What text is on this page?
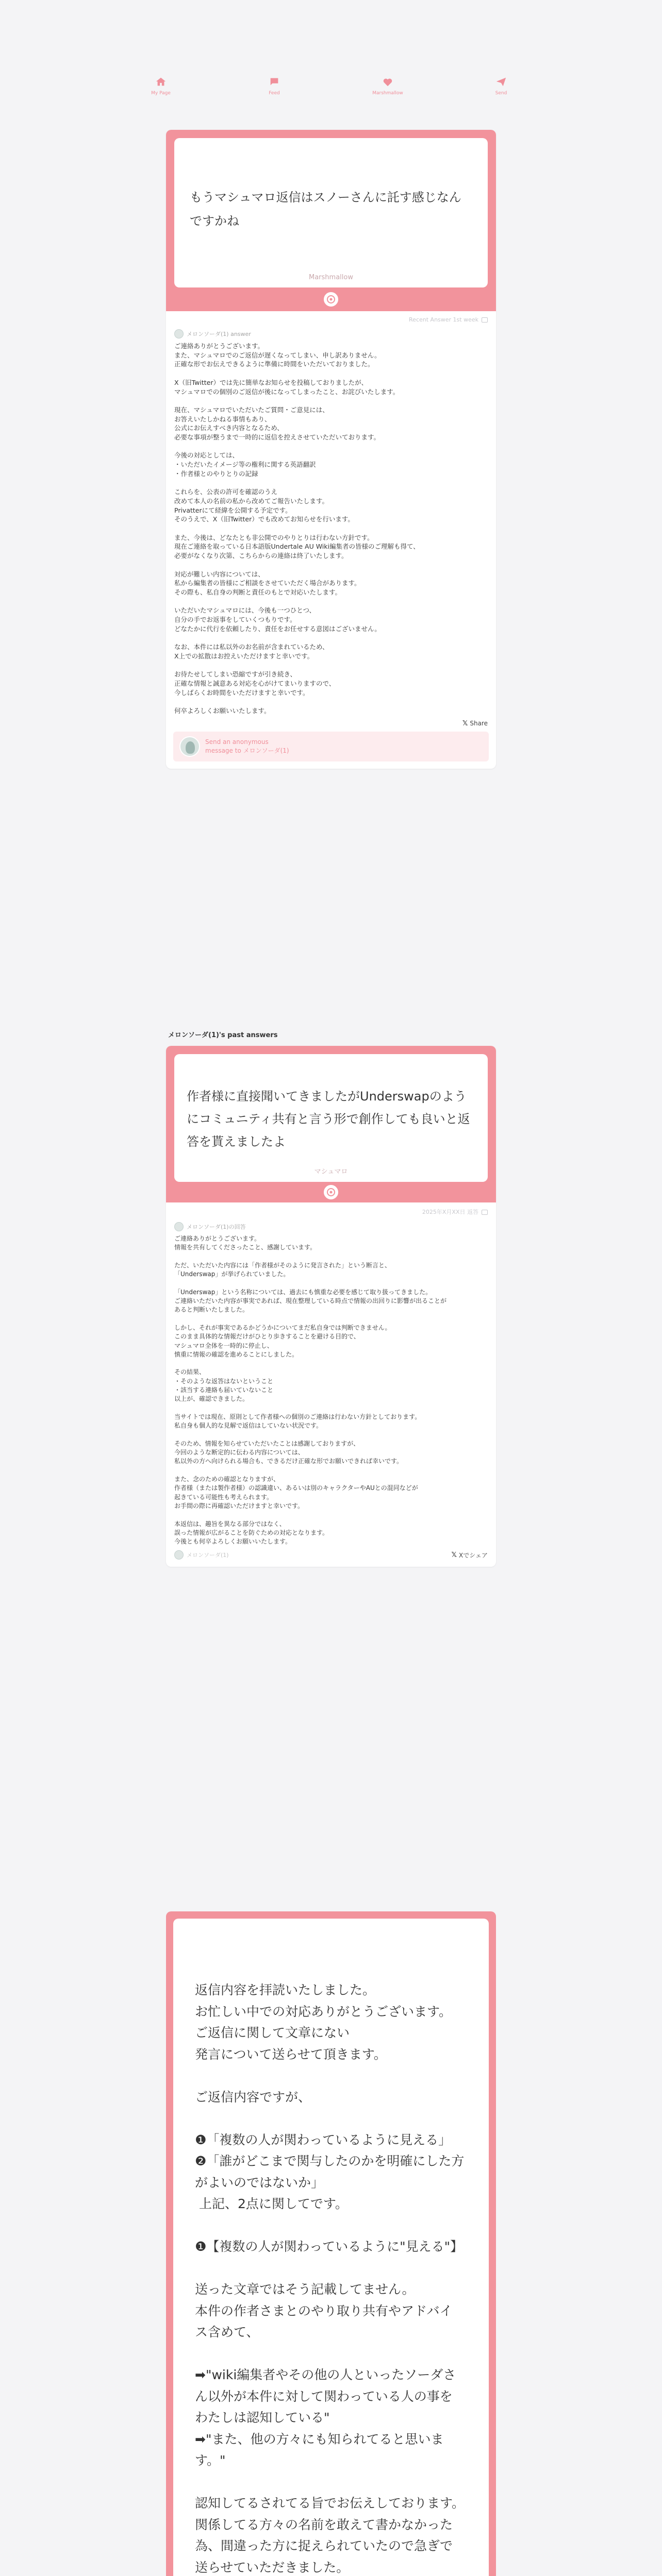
My Page	Feed	Marshmallow	Send
もうマシュマロ返信はスノーさんに託す感じなんですかね
Marshmallow
Recent Answer 1st week
メロンソーダ(1) answer
ご連絡ありがとうございます。
また、マシュマロでのご返信が遅くなってしまい、申し訳ありません。
正確な形でお伝えできるように準備に時間をいただいておりました。

X（旧Twitter）では先に簡単なお知らせを投稿しておりましたが、
マシュマロでの個別のご返信が後になってしまったこと、お詫びいたします。

現在、マシュマロでいただいたご質問・ご意見には、
お答えいたしかねる事情もあり、
公式にお伝えすべき内容となるため、
必要な事項が整うまで一時的に返信を控えさせていただいております。

今後の対応としては、
・いただいたイメージ等の権利に関する英語翻訳
・作者様とのやりとりの記録

これらを、公表の許可を確認のうえ
改めて本人の名前の私から改めてご報告いたします。
Privatterにて経緯を公開する予定です。
そのうえで、X（旧Twitter）でも改めてお知らせを行います。

また、今後は、どなたとも非公開でのやりとりは行わない方針です。
現在ご連絡を取っている日本語版Undertale AU Wiki編集者の皆様のご理解も得て、
必要がなくなり次第、こちらからの連絡は終了いたします。

対応が難しい内容については、
私から編集者の皆様にご相談をさせていただく場合があります。
その際も、私自身の判断と責任のもとで対応いたします。

いただいたマシュマロには、今後も一つひとつ、
自分の手でお返事をしていくつもりです。
どなたかに代行を依頼したり、責任をお任せする意図はございません。

なお、本件には私以外のお名前が含まれているため、
X上での拡散はお控えいただけますと幸いです。

お待たせしてしまい恐縮ですが引き続き、
正確な情報と誠意ある対応を心がけてまいりますので、
今しばらくお時間をいただけますと幸いです。

何卒よろしくお願いいたします。
𝕏 Share
Send an anonymous
message to メロンソーダ(1)
メロンソーダ(1)'s past answers
作者様に直接聞いてきましたがUnderswapのようにコミュニティ共有と言う形で創作しても良いと返答を貰えましたよ
マシュマロ
2025年X月XX日 返答
メロンソーダ(1)の回答
ご連絡ありがとうございます。
情報を共有してくださったこと、感謝しています。

ただ、いただいた内容には「作者様がそのように発言された」という断言と、
「Underswap」が挙げられていました。

「Underswap」という名称については、過去にも慎重な必要を感じて取り扱ってきました。
ご連絡いただいた内容が事実であれば、現在整理している時点で情報の出回りに影響が出ることが
あると判断いたしました。

しかし、それが事実であるかどうかについてまだ私自身では判断できません。
このまま具体的な情報だけがひとり歩きすることを避ける目的で、
マシュマロ全体を一時的に停止し、
慎重に情報の確認を進めることにしました。

その結果、
・そのような返答はないということ
・該当する連絡も届いていないこと
以上が、確認できました。

当サイトでは現在、原則として作者様への個別のご連絡は行わない方針としております。
私自身も個人的な見解で返信はしていない状況です。

そのため、情報を知らせていただいたことは感謝しておりますが、
今回のような断定的に伝わる内容については、
私以外の方へ向けられる場合も、できるだけ正確な形でお願いできれば幸いです。

また、念のための確認となりますが、
作者様（または製作者様）の認識違い、あるいは別のキャラクターやAUとの混同などが
起きている可能性も考えられます。
お手間の際に再確認いただけますと幸いです。

本返信は、趣旨を異なる部分ではなく、
誤った情報が広がることを防ぐための対応となります。
今後とも何卒よろしくお願いいたします。
メロンソーダ(1)	𝕏 Xでシェア
返信内容を拝読いたしました。
お忙しい中での対応ありがとうございます。
ご返信に関して文章にない
発言について送らせて頂きます。

ご返信内容ですが、

❶「複数の人が関わっているように見える」
❷「誰がどこまで関与したのかを明確にした方がよいのではないか」
上記、2点に関してです。

❶【複数の人が関わっているように"見える"】

送った文章ではそう記載してません。
本件の作者さまとのやり取り共有やアドバイス含めて、

➡"wiki編集者やその他の人といったソーダさん以外が本件に対して関わっている人の事をわたしは認知している"
➡"また、他の方々にも知られてると思います。"

認知してるされてる旨でお伝えしております。
関係してる方々の名前を敢えて書かなかった為、間違った方に捉えられていたので急ぎで送らせていただきました。
